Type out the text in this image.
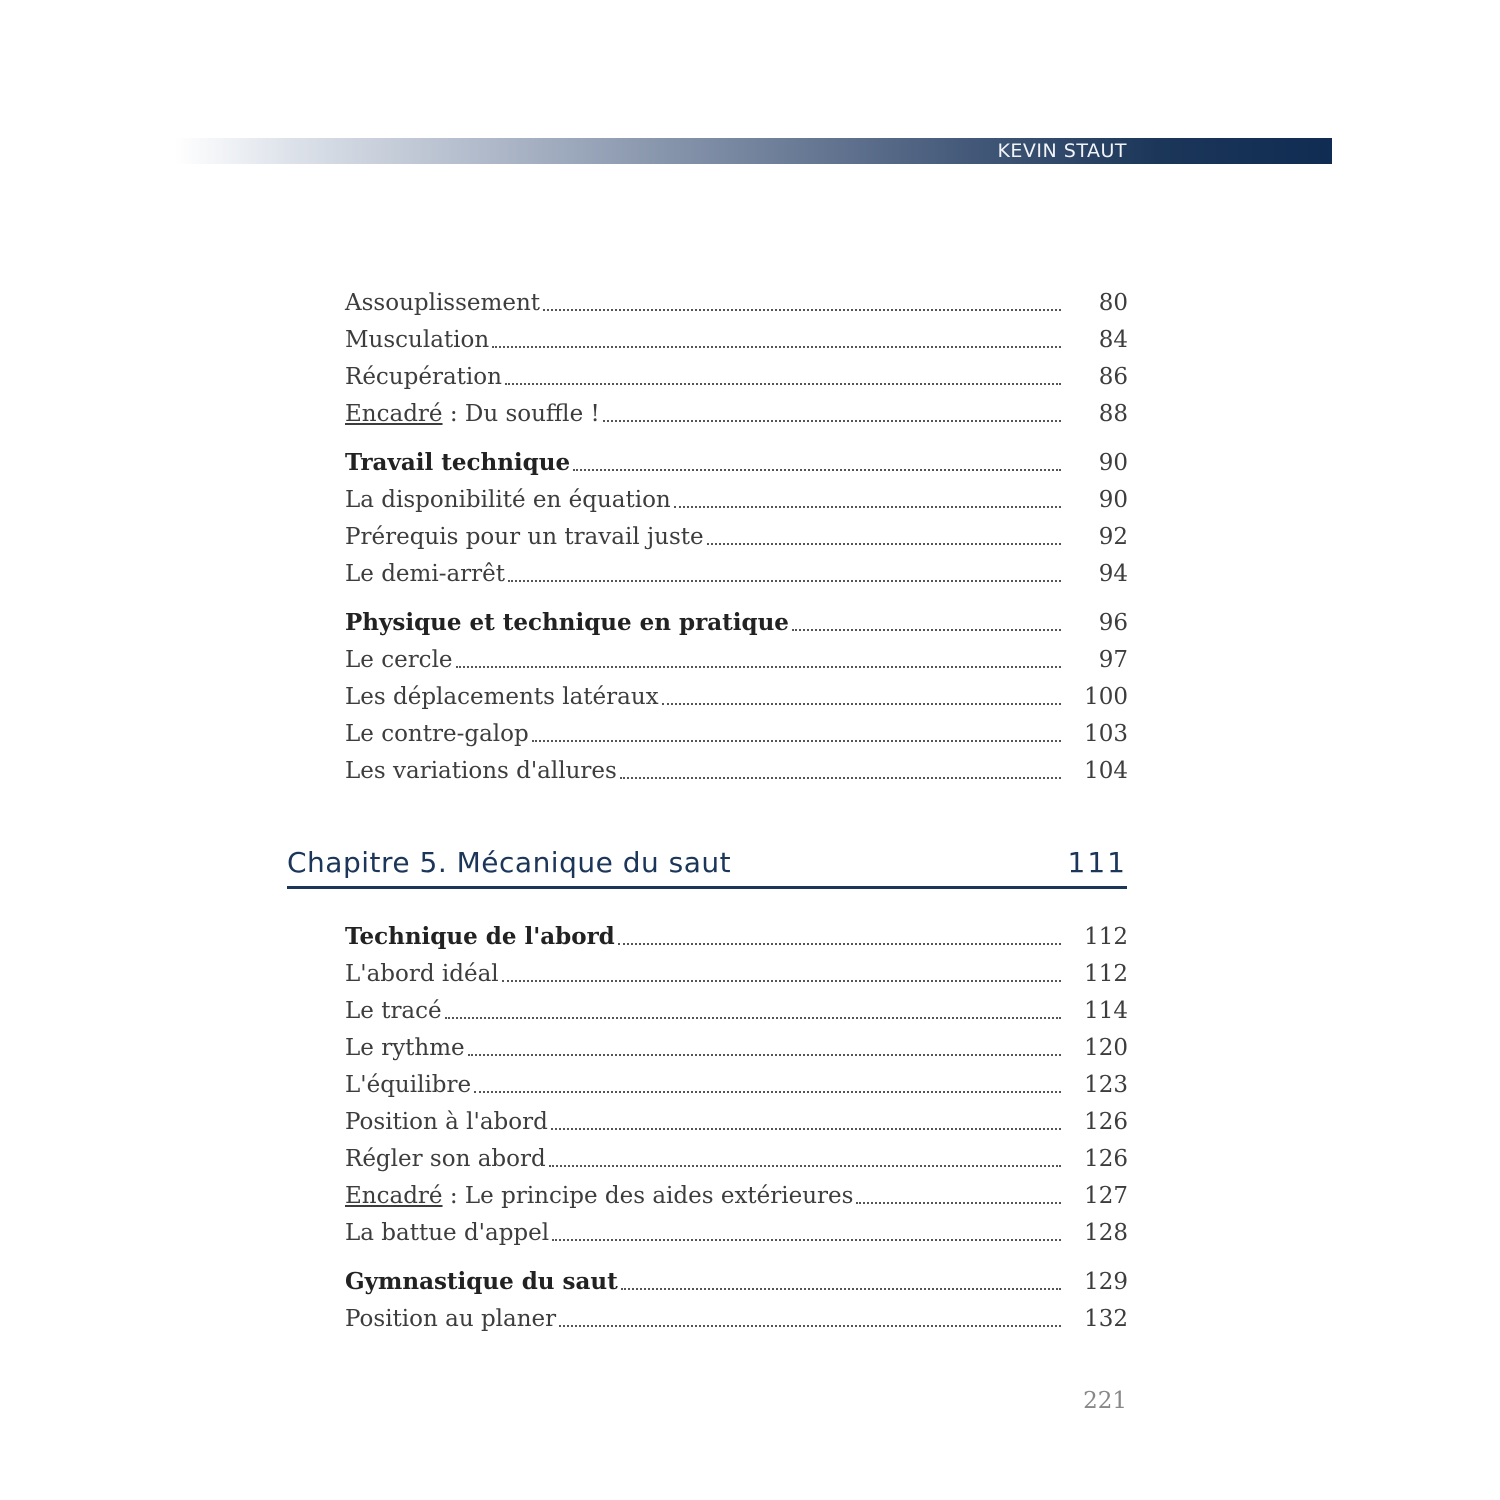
KEVIN STAUT
Assouplissement	80
Musculation	84
Récupération	86
Encadré : Du souffle !	88
Travail technique	90
La disponibilité en équation	90
Prérequis pour un travail juste	92
Le demi-arrêt	94
Physique et technique en pratique	96
Le cercle	97
Les déplacements latéraux	100
Le contre-galop	103
Les variations d'allures	104
Chapitre 5. Mécanique du saut	111
Technique de l'abord	112
L'abord idéal	112
Le tracé	114
Le rythme	120
L'équilibre	123
Position à l'abord	126
Régler son abord	126
Encadré : Le principe des aides extérieures	127
La battue d'appel	128
Gymnastique du saut	129
Position au planer	132
221
